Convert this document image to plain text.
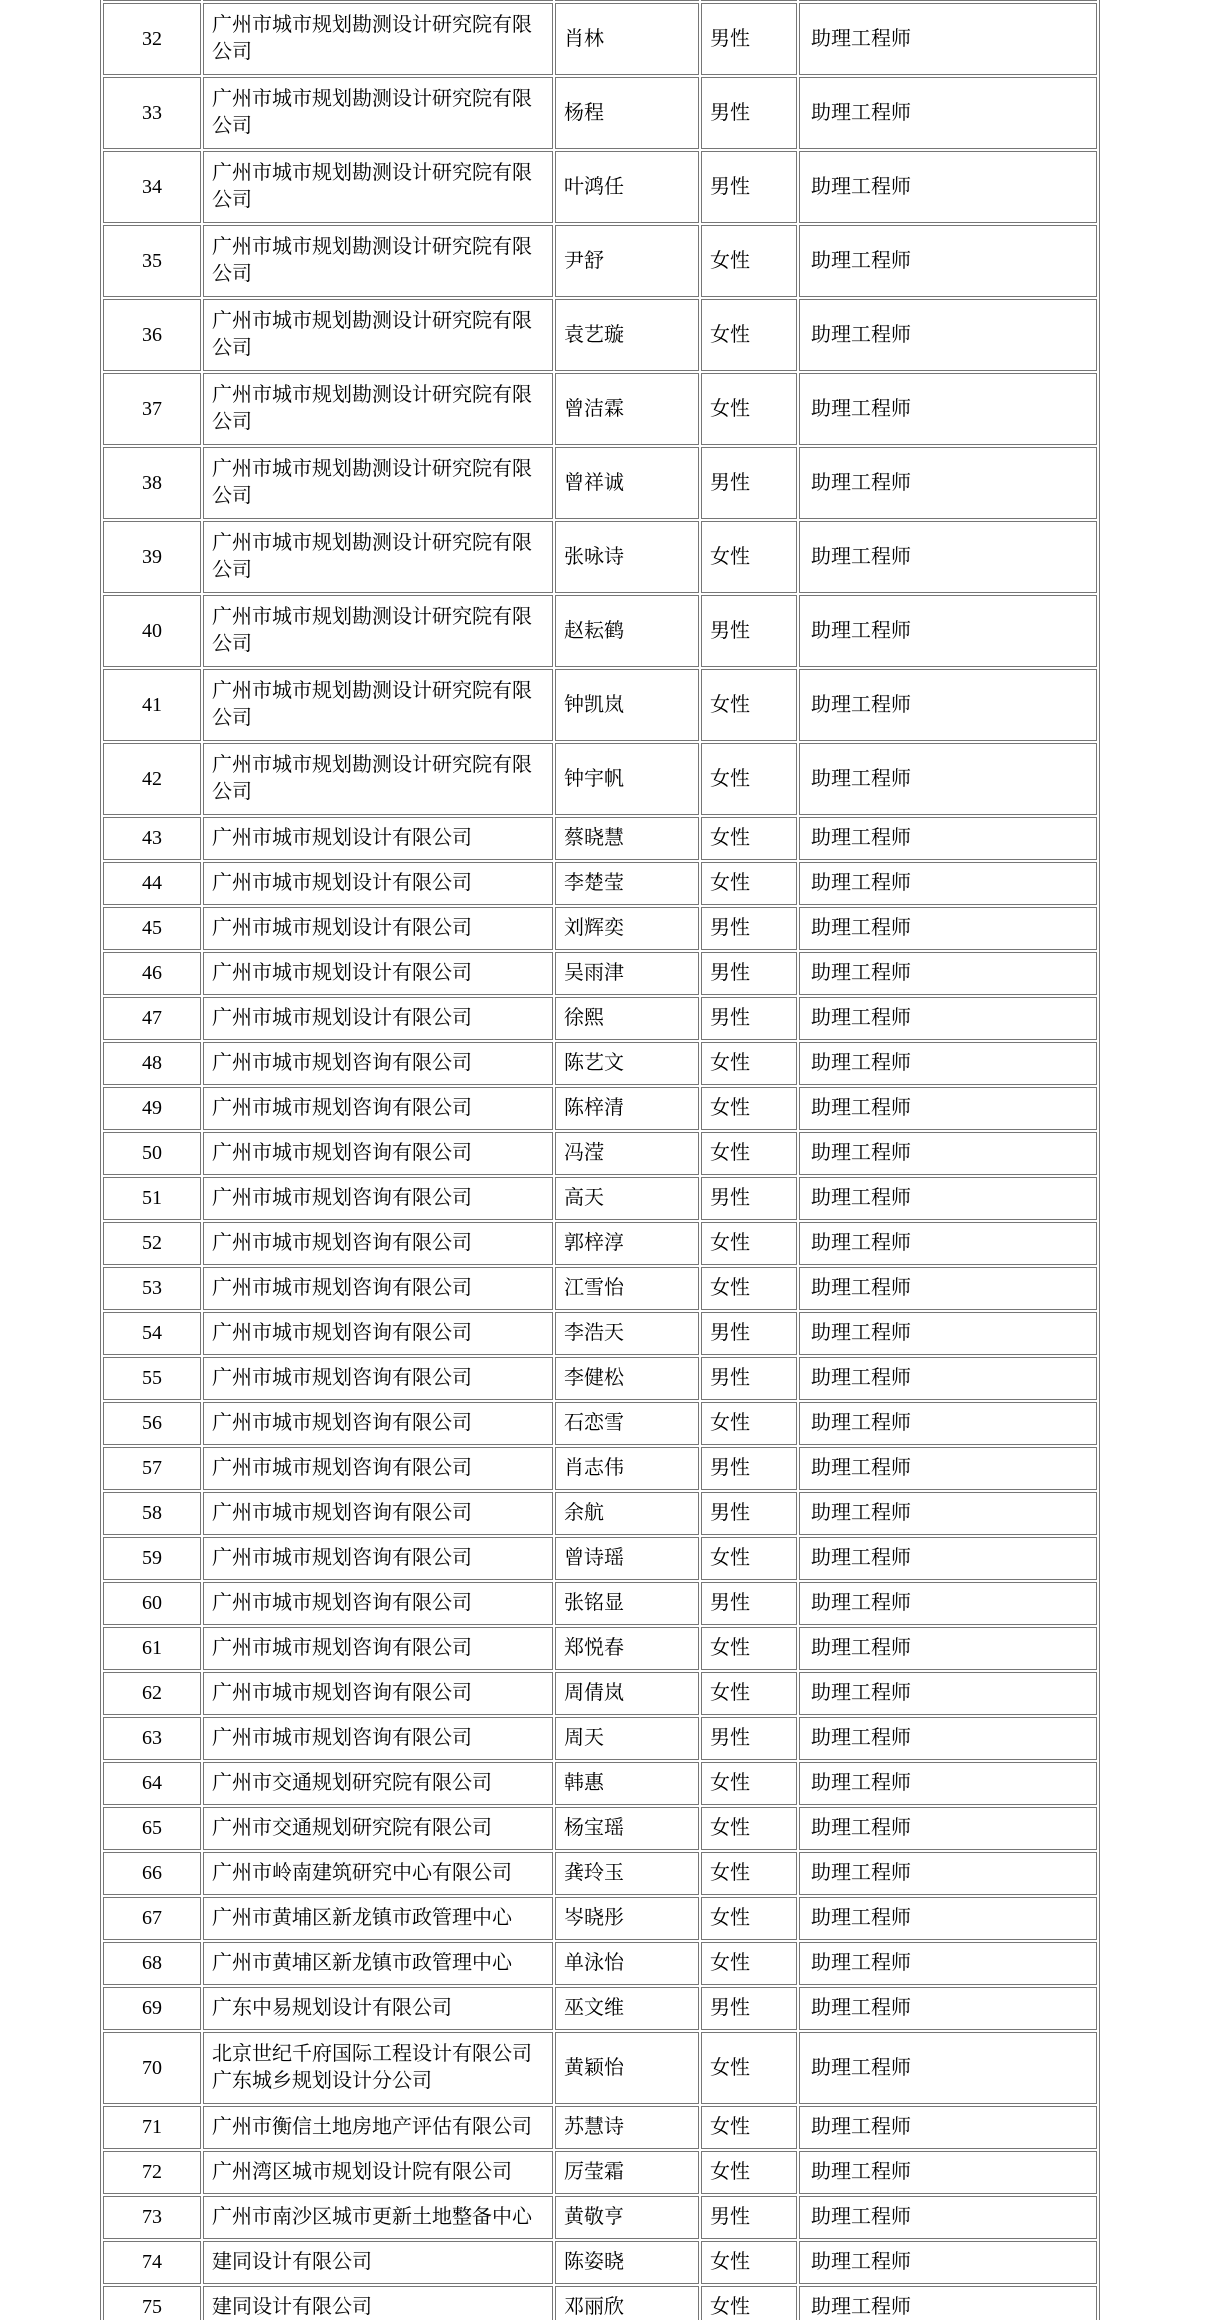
32	广州市城市规划勘测设计研究院有限公司	肖林	男性	助理工程师
33	广州市城市规划勘测设计研究院有限公司	杨程	男性	助理工程师
34	广州市城市规划勘测设计研究院有限公司	叶鸿任	男性	助理工程师
35	广州市城市规划勘测设计研究院有限公司	尹舒	女性	助理工程师
36	广州市城市规划勘测设计研究院有限公司	袁艺璇	女性	助理工程师
37	广州市城市规划勘测设计研究院有限公司	曾洁霖	女性	助理工程师
38	广州市城市规划勘测设计研究院有限公司	曾祥诚	男性	助理工程师
39	广州市城市规划勘测设计研究院有限公司	张咏诗	女性	助理工程师
40	广州市城市规划勘测设计研究院有限公司	赵耘鹤	男性	助理工程师
41	广州市城市规划勘测设计研究院有限公司	钟凯岚	女性	助理工程师
42	广州市城市规划勘测设计研究院有限公司	钟宇帆	女性	助理工程师
43	广州市城市规划设计有限公司	蔡晓慧	女性	助理工程师
44	广州市城市规划设计有限公司	李楚莹	女性	助理工程师
45	广州市城市规划设计有限公司	刘辉奕	男性	助理工程师
46	广州市城市规划设计有限公司	吴雨津	男性	助理工程师
47	广州市城市规划设计有限公司	徐熙	男性	助理工程师
48	广州市城市规划咨询有限公司	陈艺文	女性	助理工程师
49	广州市城市规划咨询有限公司	陈梓清	女性	助理工程师
50	广州市城市规划咨询有限公司	冯滢	女性	助理工程师
51	广州市城市规划咨询有限公司	高天	男性	助理工程师
52	广州市城市规划咨询有限公司	郭梓淳	女性	助理工程师
53	广州市城市规划咨询有限公司	江雪怡	女性	助理工程师
54	广州市城市规划咨询有限公司	李浩天	男性	助理工程师
55	广州市城市规划咨询有限公司	李健松	男性	助理工程师
56	广州市城市规划咨询有限公司	石恋雪	女性	助理工程师
57	广州市城市规划咨询有限公司	肖志伟	男性	助理工程师
58	广州市城市规划咨询有限公司	余航	男性	助理工程师
59	广州市城市规划咨询有限公司	曾诗瑶	女性	助理工程师
60	广州市城市规划咨询有限公司	张铭显	男性	助理工程师
61	广州市城市规划咨询有限公司	郑悦春	女性	助理工程师
62	广州市城市规划咨询有限公司	周倩岚	女性	助理工程师
63	广州市城市规划咨询有限公司	周天	男性	助理工程师
64	广州市交通规划研究院有限公司	韩惠	女性	助理工程师
65	广州市交通规划研究院有限公司	杨宝瑶	女性	助理工程师
66	广州市岭南建筑研究中心有限公司	龚玲玉	女性	助理工程师
67	广州市黄埔区新龙镇市政管理中心	岑晓彤	女性	助理工程师
68	广州市黄埔区新龙镇市政管理中心	单泳怡	女性	助理工程师
69	广东中易规划设计有限公司	巫文维	男性	助理工程师
70	北京世纪千府国际工程设计有限公司广东城乡规划设计分公司	黄颖怡	女性	助理工程师
71	广州市衡信土地房地产评估有限公司	苏慧诗	女性	助理工程师
72	广州湾区城市规划设计院有限公司	厉莹霜	女性	助理工程师
73	广州市南沙区城市更新土地整备中心	黄敬亨	男性	助理工程师
74	建同设计有限公司	陈姿晓	女性	助理工程师
75	建同设计有限公司	邓丽欣	女性	助理工程师
